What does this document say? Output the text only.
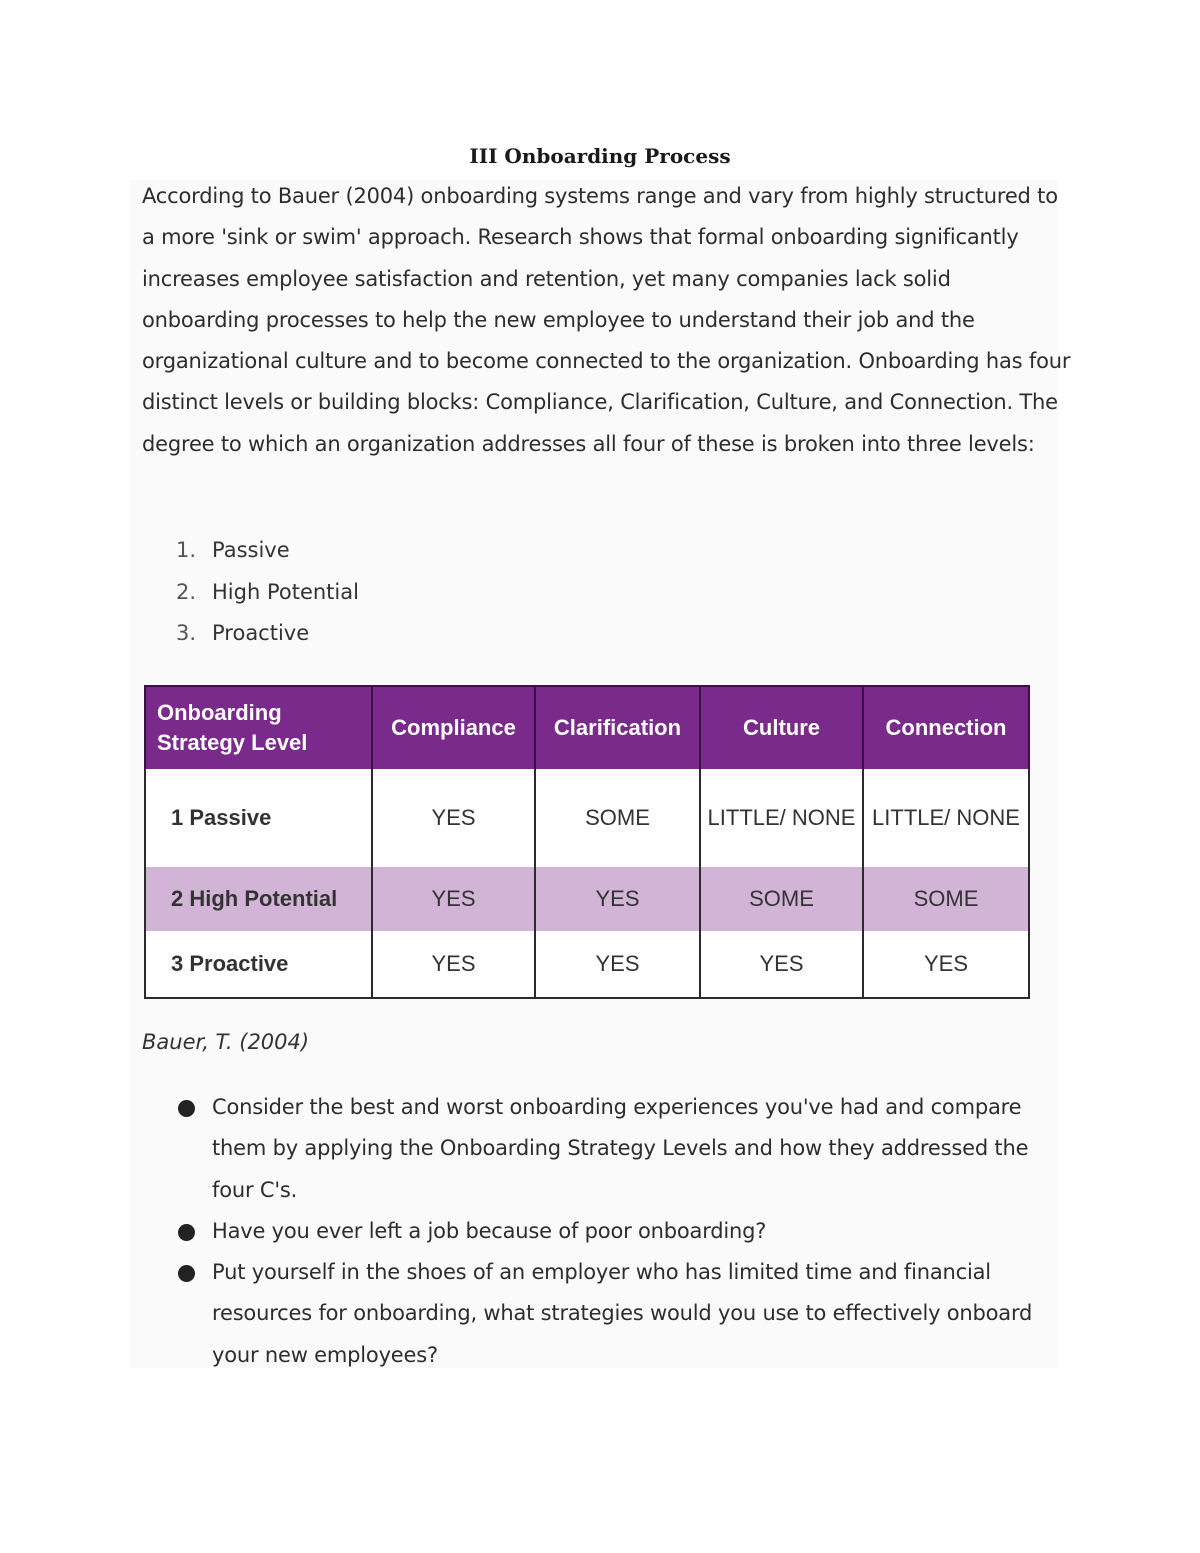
III Onboarding Process

According to Bauer (2004) onboarding systems range and vary from highly structured to a more 'sink or swim' approach. Research shows that formal onboarding significantly increases employee satisfaction and retention, yet many companies lack solid onboarding processes to help the new employee to understand their job and the organizational culture and to become connected to the organization. Onboarding has four distinct levels or building blocks: Compliance, Clarification, Culture, and Connection. The degree to which an organization addresses all four of these is broken into three levels:

1. Passive
2. High Potential
3. Proactive
Onboarding Strategy Level	Compliance	Clarification	Culture	Connection
1 Passive	YES	SOME	LITTLE/ NONE	LITTLE/ NONE
2 High Potential	YES	YES	SOME	SOME
3 Proactive	YES	YES	YES	YES
Bauer, T. (2004)
Consider the best and worst onboarding experiences you've had and compare them by applying the Onboarding Strategy Levels and how they addressed the four C's.
Have you ever left a job because of poor onboarding?
Put yourself in the shoes of an employer who has limited time and financial resources for onboarding, what strategies would you use to effectively onboard your new employees?
